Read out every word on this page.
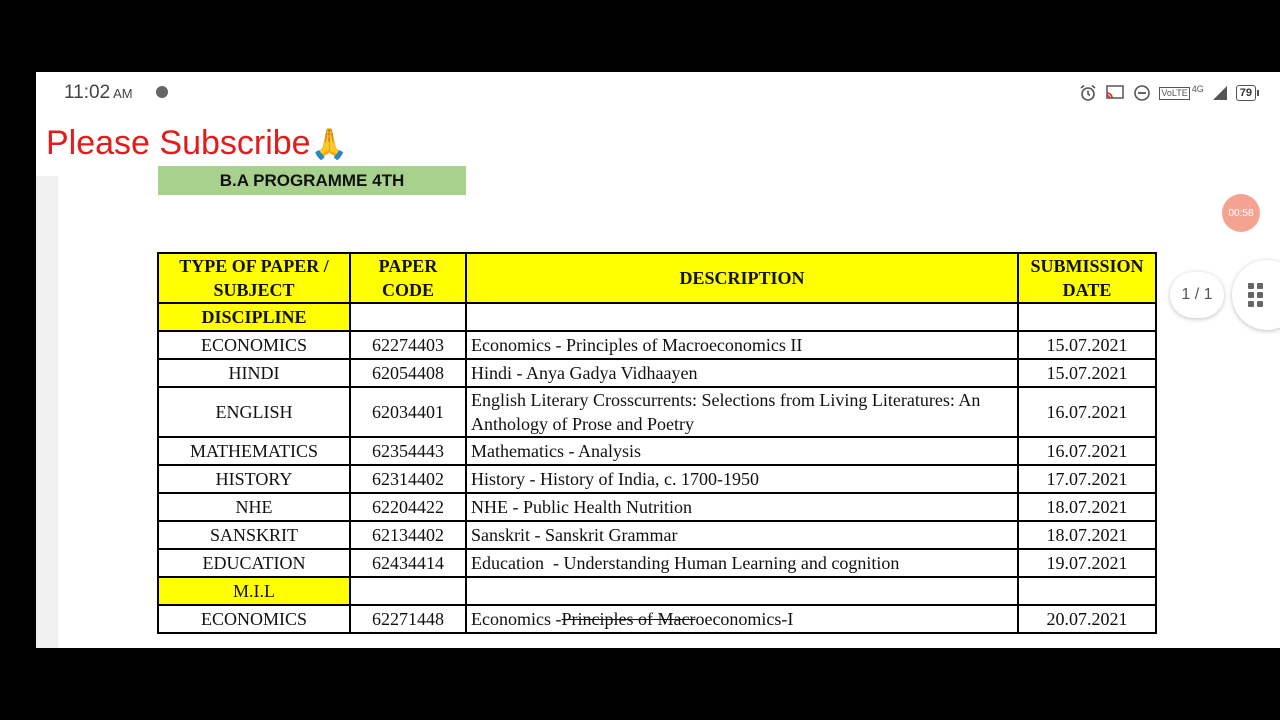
11:02 AM	VoLTE 4G	79
Please Subscribe🙏
B.A PROGRAMME 4TH
00:58
1 / 1
TYPE OF PAPER / SUBJECT	PAPER CODE	DESCRIPTION	SUBMISSION DATE
DISCIPLINE			
ECONOMICS	62274403	Economics - Principles of Macroeconomics II	15.07.2021
HINDI	62054408	Hindi - Anya Gadya Vidhaayen	15.07.2021
ENGLISH	62034401	English Literary Crosscurrents: Selections from Living Literatures: An Anthology of Prose and Poetry	16.07.2021
MATHEMATICS	62354443	Mathematics - Analysis	16.07.2021
HISTORY	62314402	History - History of India, c. 1700-1950	17.07.2021
NHE	62204422	NHE - Public Health Nutrition	18.07.2021
SANSKRIT	62134402	Sanskrit - Sanskrit Grammar	18.07.2021
EDUCATION	62434414	Education  - Understanding Human Learning and cognition	19.07.2021
M.I.L			
ECONOMICS	62271448	Economics -Principles of Macroeconomics-I	20.07.2021
